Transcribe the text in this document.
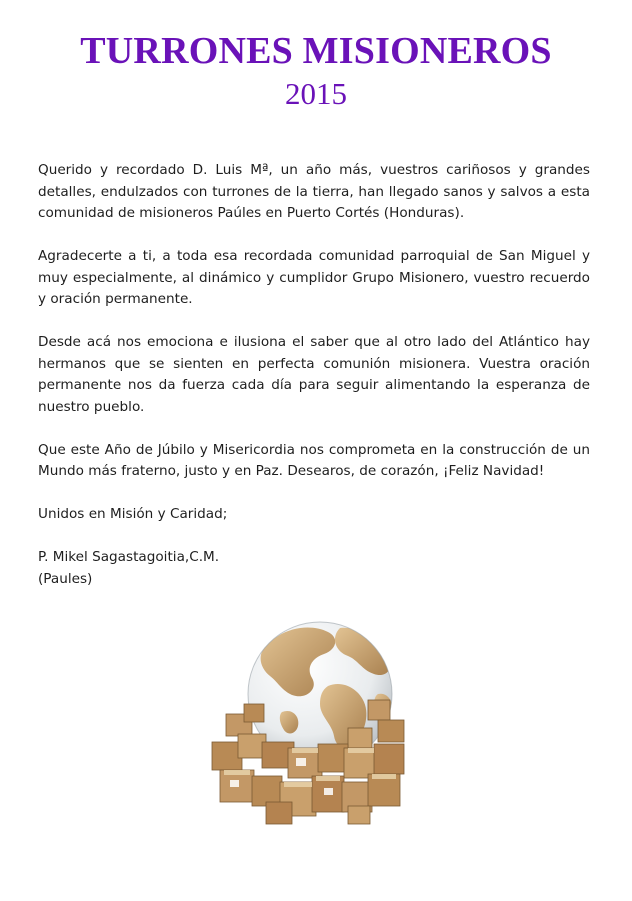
TURRONES MISIONEROS
2015

Querido y recordado D. Luis Mª, un año más, vuestros cariñosos y grandes detalles, endulzados con turrones de la tierra, han llegado sanos y salvos a esta comunidad de misioneros Paúles en Puerto Cortés (Honduras).

Agradecerte a ti, a toda esa recordada comunidad parroquial de San Miguel y muy especialmente, al dinámico y cumplidor Grupo Misionero, vuestro recuerdo y oración permanente.

Desde acá nos emociona e ilusiona el saber que al otro lado del Atlántico hay hermanos que se sienten en perfecta comunión misionera. Vuestra oración permanente nos da fuerza cada día para seguir alimentando la esperanza de nuestro pueblo.

Que este Año de Júbilo y Misericordia nos comprometa en la construcción de un Mundo más fraterno, justo y en Paz. Desearos, de corazón, ¡Feliz Navidad!

Unidos en Misión y Caridad;

P. Mikel Sagastagoitia,C.M.

(Paules)
